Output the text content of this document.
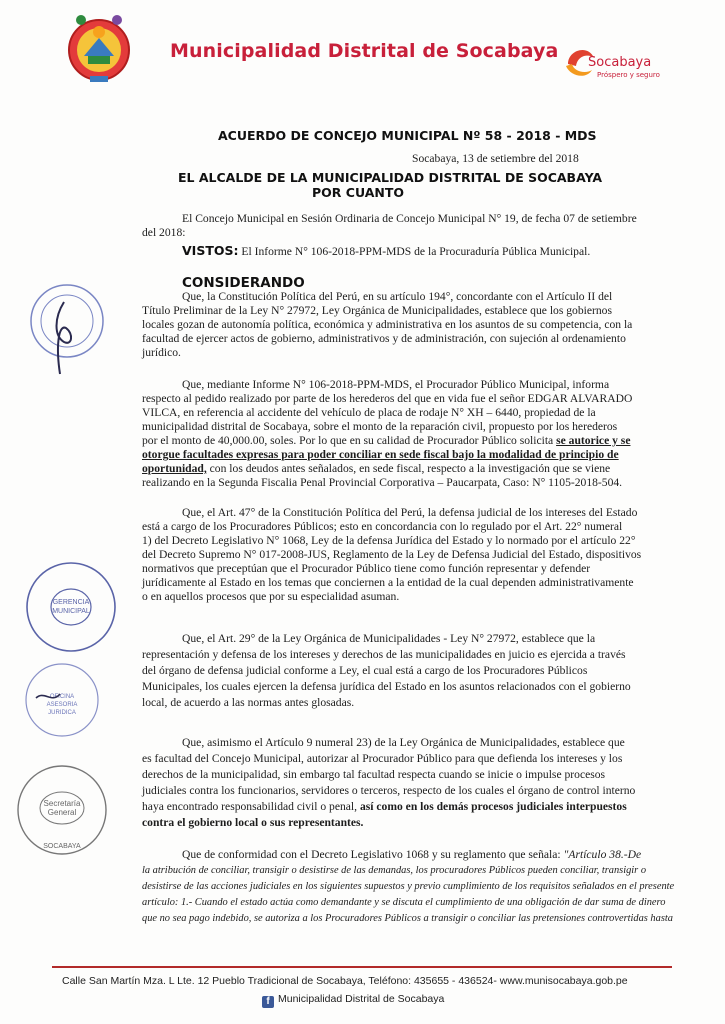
Municipalidad Distrital de Socabaya
Socabaya
Próspero y seguro
ACUERDO DE CONCEJO MUNICIPAL Nº 58 - 2018 - MDS
Socabaya, 13 de setiembre del 2018
EL ALCALDE DE LA MUNICIPALIDAD DISTRITAL DE SOCABAYA
POR CUANTO
El Concejo Municipal en Sesión Ordinaria de Concejo Municipal N° 19, de fecha 07 de setiembre
del 2018:
VISTOS: El Informe N° 106-2018-PPM-MDS de la Procuraduría Pública Municipal.
CONSIDERANDO
Que, la Constitución Política del Perú, en su artículo 194°, concordante con el Artículo II del
Título Preliminar de la Ley N° 27972, Ley Orgánica de Municipalidades, establece que los gobiernos
locales gozan de autonomía política, económica y administrativa en los asuntos de su competencia, con la
facultad de ejercer actos de gobierno, administrativos y de administración, con sujeción al ordenamiento
jurídico.
Que, mediante Informe N° 106-2018-PPM-MDS, el Procurador Público Municipal, informa
respecto al pedido realizado por parte de los herederos del que en vida fue el señor EDGAR ALVARADO
VILCA, en referencia al accidente del vehículo de placa de rodaje N° XH – 6440, propiedad de la
municipalidad distrital de Socabaya, sobre el monto de la reparación civil, propuesto por los herederos
por el monto de 40,000.00, soles. Por lo que en su calidad de Procurador Público solicita se autorice y se
otorgue facultades expresas para poder conciliar en sede fiscal bajo la modalidad de principio de
oportunidad, con los deudos antes señalados, en sede fiscal, respecto a la investigación que se viene
realizando en la Segunda Fiscalia Penal Provincial Corporativa – Paucarpata, Caso: N° 1105-2018-504.
Que, el Art. 47° de la Constitución Política del Perú, la defensa judicial de los intereses del Estado
está a cargo de los Procuradores Públicos; esto en concordancia con lo regulado por el Art. 22° numeral
1) del Decreto Legislativo N° 1068, Ley de la defensa Jurídica del Estado y lo normado por el artículo 22°
del Decreto Supremo N° 017-2008-JUS, Reglamento de la Ley de Defensa Judicial del Estado, dispositivos
normativos que preceptúan que el Procurador Público tiene como función representar y defender
jurídicamente al Estado en los temas que conciernen a la entidad de la cual dependen administrativamente
o en aquellos procesos que por su especialidad asuman.
Que, el Art. 29° de la Ley Orgánica de Municipalidades - Ley N° 27972, establece que la
representación y defensa de los intereses y derechos de las municipalidades en juicio es ejercida a través
del órgano de defensa judicial conforme a Ley, el cual está a cargo de los Procuradores Públicos
Municipales, los cuales ejercen la defensa jurídica del Estado en los asuntos relacionados con el gobierno
local, de acuerdo a las normas antes glosadas.
Que, asimismo el Artículo 9 numeral 23) de la Ley Orgánica de Municipalidades, establece que
es facultad del Concejo Municipal, autorizar al Procurador Público para que defienda los intereses y los
derechos de la municipalidad, sin embargo tal facultad respecta cuando se inicie o impulse procesos
judiciales contra los funcionarios, servidores o terceros, respecto de los cuales el órgano de control interno
haya encontrado responsabilidad civil o penal, así como en los demás procesos judiciales interpuestos
contra el gobierno local o sus representantes.
Que de conformidad con el Decreto Legislativo 1068 y su reglamento que señala: "Artículo 38.-De
la atribución de conciliar, transigir o desistirse de las demandas, los procuradores Públicos pueden conciliar, transigir o
desistirse de las acciones judiciales en los siguientes supuestos y previo cumplimiento de los requisitos señalados en el presente
artículo: 1.- Cuando el estado actúa como demandante y se discuta el cumplimiento de una obligación de dar suma de dinero
que no sea pago indebido, se autoriza a los Procuradores Públicos a transigir o conciliar las pretensiones controvertidas hasta
GERENCIA
MUNICIPAL
OFICINA
ASESORIA
JURIDICA
Secretaría
General
SOCABAYA
Calle San Martín Mza. L Lte. 12 Pueblo Tradicional de Socabaya, Teléfono: 435655 - 436524- www.munisocabaya.gob.pe
f Municipalidad Distrital de Socabaya
